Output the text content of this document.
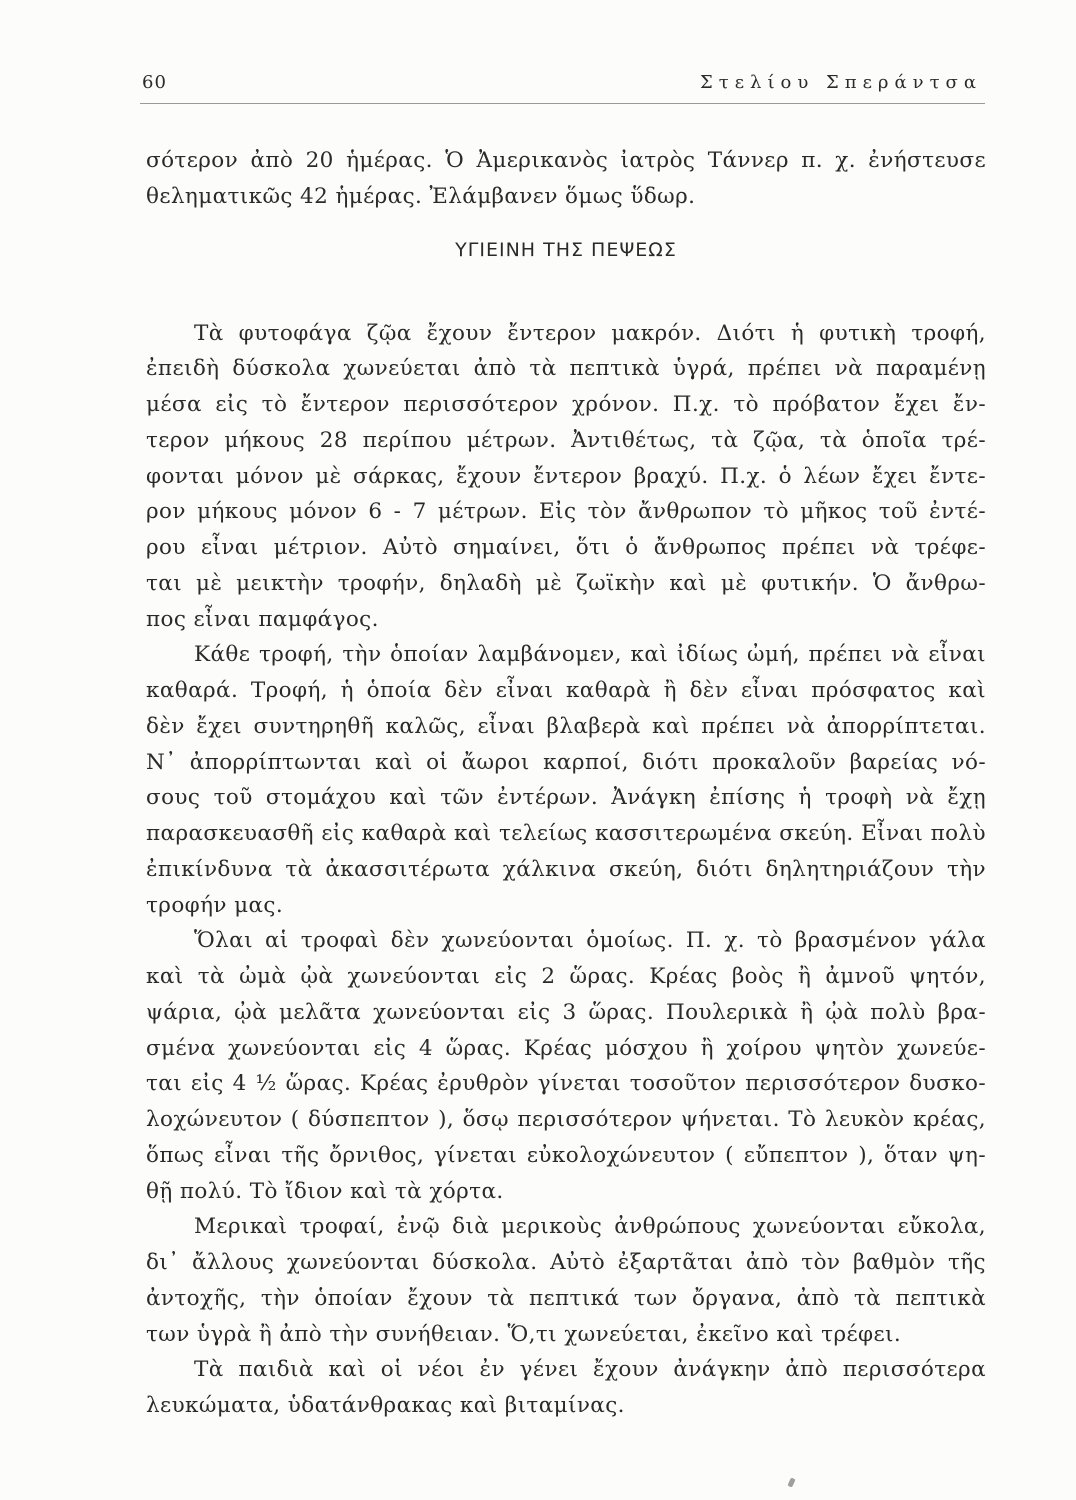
60	Στελίου Σπεράντσα
σότερον ἀπὸ 20 ἡμέρας. Ὁ Ἀμερικανὸς ἰατρὸς Τάννερ π. χ. ἐνήστευσε
θεληματικῶς 42 ἡμέρας. Ἐλάμβανεν ὅμως ὕδωρ.
ΥΓΙΕΙΝΗ ΤΗΣ ΠΕΨΕΩΣ
Τὰ φυτοφάγα ζῷα ἔχουν ἔντερον μακρόν. Διότι ἡ φυτικὴ τροφή,
ἐπειδὴ δύσκολα χωνεύεται ἀπὸ τὰ πεπτικὰ ὑγρά, πρέπει νὰ παραμένῃ
μέσα εἰς τὸ ἔντερον περισσότερον χρόνον. Π.χ. τὸ πρόβατον ἔχει ἔν-
τερον μήκους 28 περίπου μέτρων. Ἀντιθέτως, τὰ ζῷα, τὰ ὁποῖα τρέ-
φονται μόνον μὲ σάρκας, ἔχουν ἔντερον βραχύ. Π.χ. ὁ λέων ἔχει ἔντε-
ρον μήκους μόνον 6 - 7 μέτρων. Εἰς τὸν ἄνθρωπον τὸ μῆκος τοῦ ἐντέ-
ρου εἶναι μέτριον. Αὐτὸ σημαίνει, ὅτι ὁ ἄνθρωπος πρέπει νὰ τρέφε-
ται μὲ μεικτὴν τροφήν, δηλαδὴ μὲ ζωϊκὴν καὶ μὲ φυτικήν. Ὁ ἄνθρω-
πος εἶναι παμφάγος.
Κάθε τροφή, τὴν ὁποίαν λαμβάνομεν, καὶ ἰδίως ὠμή, πρέπει νὰ εἶναι
καθαρά. Τροφή, ἡ ὁποία δὲν εἶναι καθαρὰ ἢ δὲν εἶναι πρόσφατος καὶ
δὲν ἔχει συντηρηθῆ καλῶς, εἶναι βλαβερὰ καὶ πρέπει νὰ ἀπορρίπτεται.
Ν᾽ ἀπορρίπτωνται καὶ οἱ ἄωροι καρποί, διότι προκαλοῦν βαρείας νό-
σους τοῦ στομάχου καὶ τῶν ἐντέρων. Ἀνάγκη ἐπίσης ἡ τροφὴ νὰ ἔχῃ
παρασκευασθῆ εἰς καθαρὰ καὶ τελείως κασσιτερωμένα σκεύη. Εἶναι πολὺ
ἐπικίνδυνα τὰ ἀκασσιτέρωτα χάλκινα σκεύη, διότι δηλητηριάζουν τὴν
τροφήν μας.
Ὅλαι αἱ τροφαὶ δὲν χωνεύονται ὁμοίως. Π. χ. τὸ βρασμένον γάλα
καὶ τὰ ὠμὰ ᾠὰ χωνεύονται εἰς 2 ὥρας. Κρέας βοὸς ἢ ἀμνοῦ ψητόν,
ψάρια, ᾠὰ μελᾶτα χωνεύονται εἰς 3 ὥρας. Πουλερικὰ ἢ ᾠὰ πολὺ βρα-
σμένα χωνεύονται εἰς 4 ὥρας. Κρέας μόσχου ἢ χοίρου ψητὸν χωνεύε-
ται εἰς 4 ½ ὥρας. Κρέας ἐρυθρὸν γίνεται τοσοῦτον περισσότερον δυσκο-
λοχώνευτον ( δύσπεπτον ), ὅσῳ περισσότερον ψήνεται. Τὸ λευκὸν κρέας,
ὅπως εἶναι τῆς ὄρνιθος, γίνεται εὐκολοχώνευτον ( εὔπεπτον ), ὅταν ψη-
θῇ πολύ. Τὸ ἴδιον καὶ τὰ χόρτα.
Μερικαὶ τροφαί, ἐνῷ διὰ μερικοὺς ἀνθρώπους χωνεύονται εὔκολα,
δι᾽ ἄλλους χωνεύονται δύσκολα. Αὐτὸ ἐξαρτᾶται ἀπὸ τὸν βαθμὸν τῆς
ἀντοχῆς, τὴν ὁποίαν ἔχουν τὰ πεπτικά των ὄργανα, ἀπὸ τὰ πεπτικὰ
των ὑγρὰ ἢ ἀπὸ τὴν συνήθειαν. Ὅ,τι χωνεύεται, ἐκεῖνο καὶ τρέφει.
Τὰ παιδιὰ καὶ οἱ νέοι ἐν γένει ἔχουν ἀνάγκην ἀπὸ περισσότερα
λευκώματα, ὑδατάνθρακας καὶ βιταμίνας.
